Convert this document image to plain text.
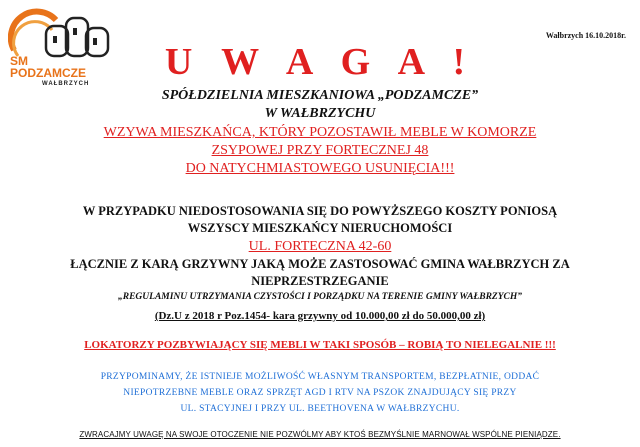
SM
PODZAMCZE
WAŁBRZYCH
Wałbrzych 16.10.2018r.
U W A G A !
SPÓŁDZIELNIA MIESZKANIOWA „PODZAMCZE”
W WAŁBRZYCHU
WZYWA MIESZKAŃCA, KTÓRY POZOSTAWIŁ MEBLE W KOMORZE
ZSYPOWEJ PRZY FORTECZNEJ 48
DO NATYCHMIASTOWEGO USUNIĘCIA!!!
W PRZYPADKU NIEDOSTOSOWANIA SIĘ DO POWYŻSZEGO KOSZTY PONIOSĄ
WSZYSCY MIESZKAŃCY NIERUCHOMOŚCI
UL. FORTECZNA 42-60
ŁĄCZNIE Z KARĄ GRZYWNY JAKĄ MOŻE ZASTOSOWAĆ GMINA WAŁBRZYCH ZA
NIEPRZESTRZEGANIE
„REGULAMINU UTRZYMANIA CZYSTOŚCI I PORZĄDKU NA TERENIE GMINY WAŁBRZYCH”
(Dz.U z 2018 r Poz.1454- kara grzywny od 10.000,00 zł do 50.000,00 zł)
LOKATORZY POZBYWIAJĄCY SIĘ MEBLI W TAKI SPOSÓB – ROBIĄ TO NIELEGALNIE !!!
PRZYPOMINAMY, ŻE ISTNIEJE MOŻLIWOŚĆ WŁASNYM TRANSPORTEM, BEZPŁATNIE, ODDAĆ
NIEPOTRZEBNE MEBLE ORAZ SPRZĘT AGD I RTV NA PSZOK ZNAJDUJĄCY SIĘ PRZY
UL. STACYJNEJ I PRZY UL. BEETHOVENA W WAŁBRZYCHU.
ZWRACAJMY UWAGĘ NA SWOJE OTOCZENIE NIE POZWÓLMY ABY KTOŚ BEZMYŚLNIE MARNOWAŁ WSPÓLNE PIENIĄDZE.
